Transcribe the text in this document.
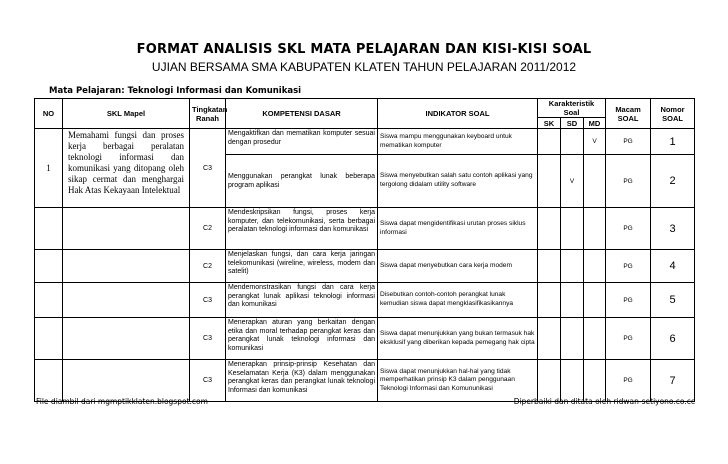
FORMAT ANALISIS SKL MATA PELAJARAN DAN KISI-KISI SOAL
UJIAN BERSAMA SMA KABUPATEN KLATEN TAHUN PELAJARAN 2011/2012
Mata Pelajaran: Teknologi Informasi dan Komunikasi
NO	SKL Mapel	Tingkatan Ranah	KOMPETENSI DASAR	INDIKATOR SOAL	Karakteristik Soal			Macam SOAL	Nomor SOAL
					SK	SD	MD		
1	Memahami fungsi dan proses kerja berbagai peralatan teknologi informasi dan komunikasi yang ditopang oleh sikap cermat dan menghargai Hak Atas Kekayaan Intelektual	C3	Mengaktifkan dan mematikan komputer sesuai dengan prosedur	Siswa mampu menggunakan keyboard untuk mematikan komputer			V	PG	1
			Menggunakan perangkat lunak beberapa program aplikasi	Siswa menyebutkan salah satu contoh aplikasi yang tergolong didalam utility software		V		PG	2
		C2	Mendeskripsikan fungsi, proses kerja komputer, dan telekomunikasi, serta berbagai peralatan teknologi informasi dan komunikasi	Siswa dapat mengidentifikasi urutan proses siklus informasi				PG	3
		C2	Menjelaskan fungsi, dan cara kerja jaringan telekomunikasi (wireline, wireless, modem dan satelit)	Siswa dapat menyebutkan cara kerja modem				PG	4
		C3	Mendemonstrasikan fungsi dan cara kerja perangkat lunak aplikasi teknologi informasi dan komunikasi	Disebutkan contoh-contoh perangkat lunak kemudian siswa dapat mengklasifikasikannya				PG	5
		C3	Menerapkan aturan yang berkaitan dengan etika dan moral terhadap perangkat keras dan perangkat lunak teknologi informasi dan komunikasi	Siswa dapat menunjukkan yang bukan termasuk hak eksklusif yang diberikan kepada pemegang hak cipta				PG	6
		C3	Menerapkan prinsip-prinsip Kesehatan dan Keselamatan Kerja (K3) dalam menggunakan perangkat keras dan perangkat lunak teknologi Informasi dan komunikasi	Siswa dapat menunjukkan hal-hal yang tidak memperhatikan prinsip K3 dalam penggunaan Teknologi Informasi dan Komununikasi				PG	7
File diambil dari mgmptikklaten.blogspot.com	Diperbaiki dan ditata oleh ridwan-setiyono.co.cc
